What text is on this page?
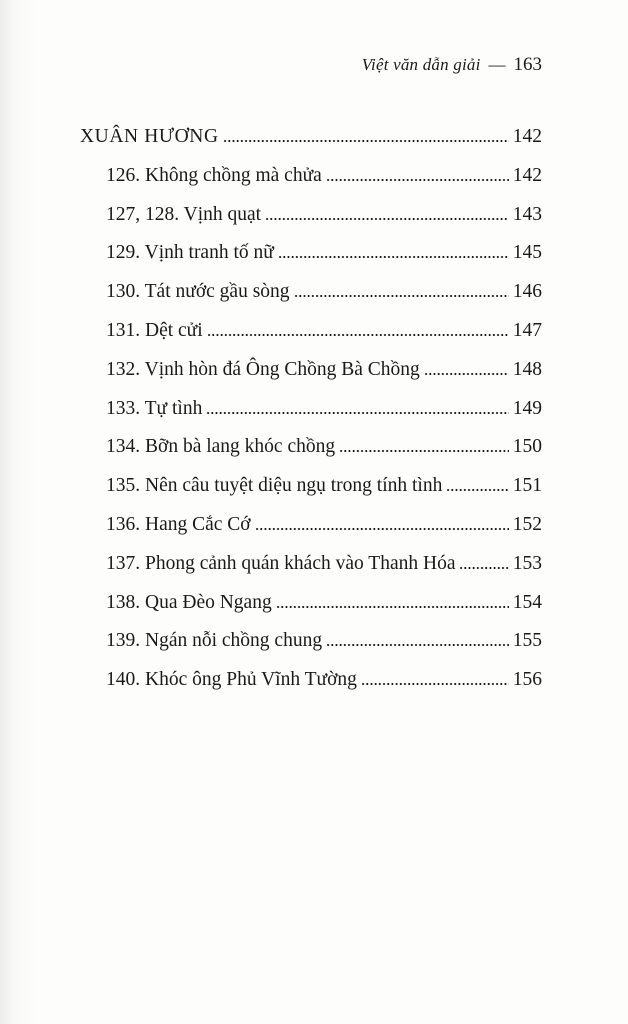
Việt văn dẫn giải — 163
XUÂN HƯƠNG	142
126. Không chồng mà chửa	142
127, 128. Vịnh quạt	143
129. Vịnh tranh tố nữ	145
130. Tát nước gầu sòng	146
131. Dệt cửi	147
132. Vịnh hòn đá Ông Chồng Bà Chồng	148
133. Tự tình	149
134. Bỡn bà lang khóc chồng	150
135. Nên câu tuyệt diệu ngụ trong tính tình	151
136. Hang Cắc Cớ	152
137. Phong cảnh quán khách vào Thanh Hóa	153
138. Qua Đèo Ngang	154
139. Ngán nỗi chồng chung	155
140. Khóc ông Phủ Vĩnh Tường	156
